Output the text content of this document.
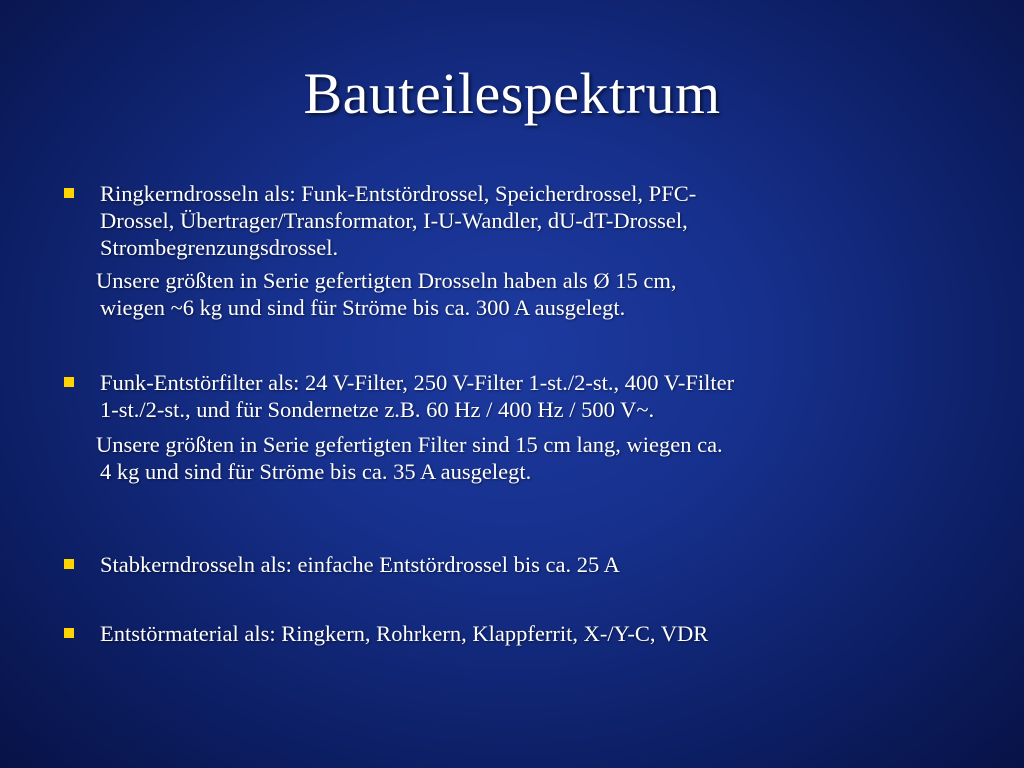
Bauteilespektrum
Ringkerndrosseln als: Funk-Entstördrossel, Speicherdrossel, PFC-
Drossel, Übertrager/Transformator, I-U-Wandler, dU-dT-Drossel,
Strombegrenzungsdrossel.
Unsere größten in Serie gefertigten Drosseln haben als Ø 15 cm,
wiegen ~6 kg und sind für Ströme bis ca. 300 A ausgelegt.
Funk-Entstörfilter als: 24 V-Filter, 250 V-Filter 1-st./2-st., 400 V-Filter
1-st./2-st., und für Sondernetze z.B. 60 Hz / 400 Hz / 500 V~.
Unsere größten in Serie gefertigten Filter sind 15 cm lang, wiegen ca.
4 kg und sind für Ströme bis ca. 35 A ausgelegt.
Stabkerndrosseln als: einfache Entstördrossel bis ca. 25 A
Entstörmaterial als: Ringkern, Rohrkern, Klappferrit, X-/Y-C, VDR
